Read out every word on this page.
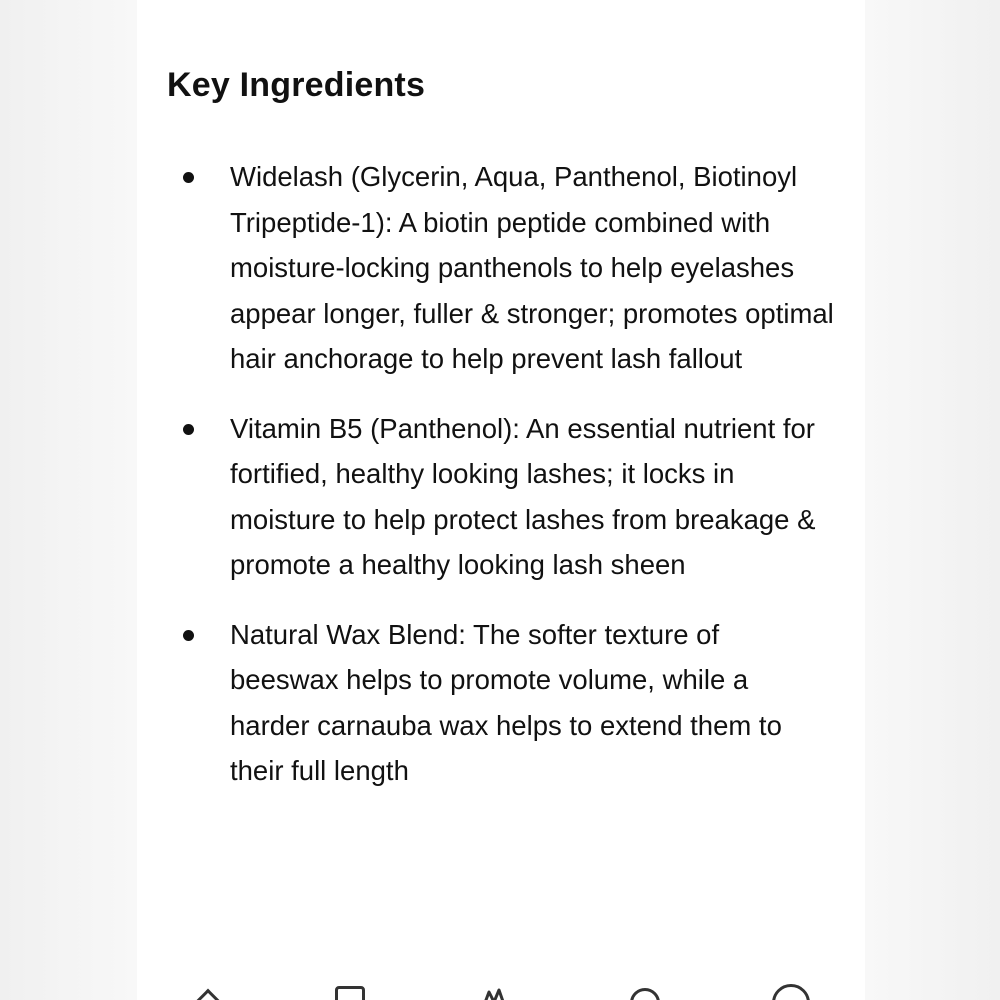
Key Ingredients
Widelash (Glycerin, Aqua, Panthenol, Biotinoyl Tripeptide-1): A biotin peptide combined with moisture-locking panthenols to help eyelashes appear longer, fuller & stronger; promotes optimal hair anchorage to help prevent lash fallout
Vitamin B5 (Panthenol): An essential nutrient for fortified, healthy looking lashes; it locks in moisture to help protect lashes from breakage & promote a healthy looking lash sheen
Natural Wax Blend: The softer texture of beeswax helps to promote volume, while a harder carnauba wax helps to extend them to their full length
